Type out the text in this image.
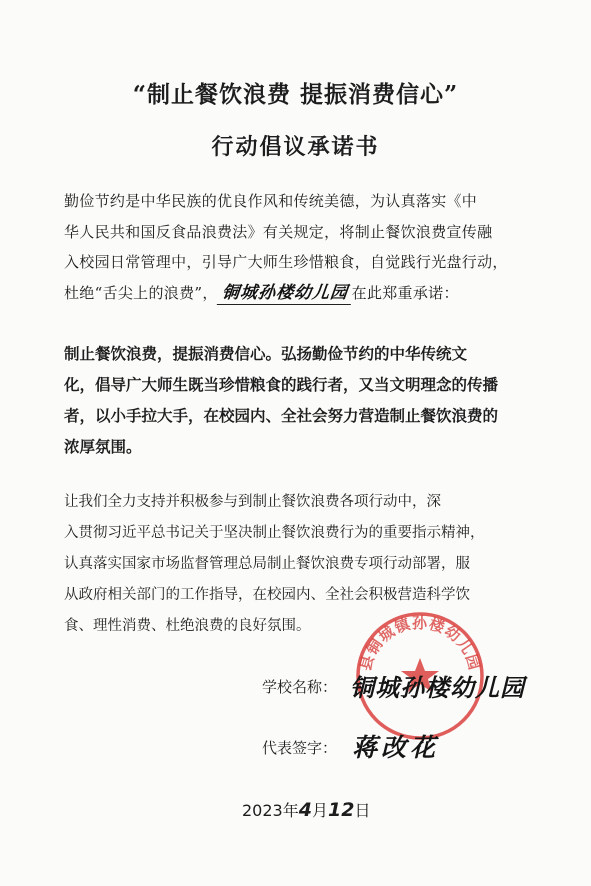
“制止餐饮浪费 提振消费信心”
行动倡议承诺书
勤俭节约是中华民族的优良作风和传统美德，为认真落实《中
华人民共和国反食品浪费法》有关规定，将制止餐饮浪费宣传融
入校园日常管理中，引导广大师生珍惜粮食，自觉践行光盘行动，
杜绝“舌尖上的浪费”， 铜城孙楼幼儿园 在此郑重承诺：
制止餐饮浪费，提振消费信心。弘扬勤俭节约的中华传统文
化，倡导广大师生既当珍惜粮食的践行者，又当文明理念的传播
者，以小手拉大手，在校园内、全社会努力营造制止餐饮浪费的
浓厚氛围。
让我们全力支持并积极参与到制止餐饮浪费各项行动中，深
入贯彻习近平总书记关于坚决制止餐饮浪费行为的重要指示精神，
认真落实国家市场监督管理总局制止餐饮浪费专项行动部署，服
从政府相关部门的工作指导，在校园内、全社会积极营造科学饮
食、理性消费、杜绝浪费的良好氛围。
县铜城镇孙楼幼儿园
学校名称： 铜城孙楼幼儿园
代表签字： 蒋改花
2023年4月12日
